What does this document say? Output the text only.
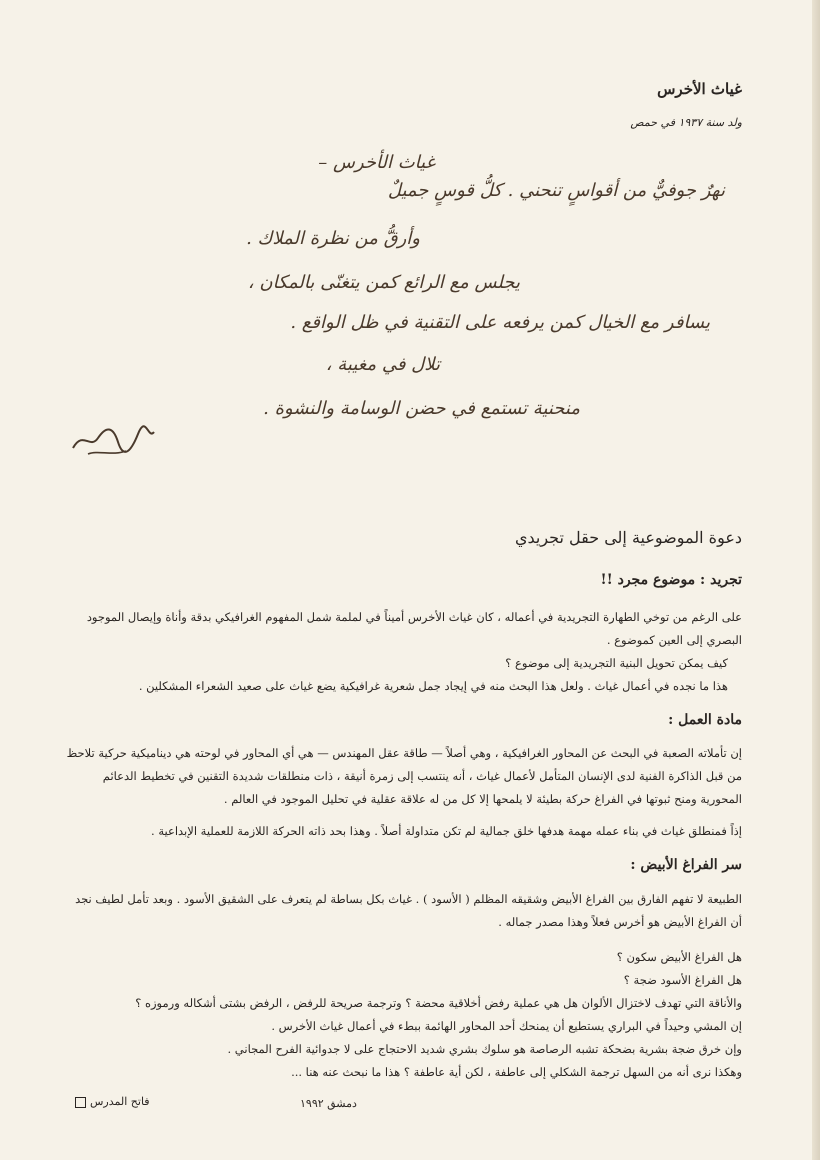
غياث الأخرس
ولد سنة ١٩٣٧ في حمص
غياث الأخرس –
نهرٌ جوفيٌّ من أقواسٍ تنحني . كلُّ قوسٍ جميلٌ
وأرقُّ من نظرة الملاك .
يجلس مع الرائع كمن يتغنّى بالمكان ،
يسافر مع الخيال كمن يرفعه على التقنية في ظل الواقع .
تلال في مغيبة ،
منحنية تستمع في حضن الوسامة والنشوة .
دعوة الموضوعية إلى حقل تجريدي
تجريد : موضوع مجرد !!
على الرغم من توخي الطهارة التجريدية في أعماله ، كان غياث الأخرس أميناً في لملمة شمل المفهوم الغرافيكي بدقة وأناة وإيصال الموجود البصري إلى العين كموضوع .
كيف يمكن تحويل البنية التجريدية إلى موضوع ؟
هذا ما نجده في أعمال غياث . ولعل هذا البحث منه في إيجاد جمل شعرية غرافيكية يضع غياث على صعيد الشعراء المشكلين .
مادة العمل :
إن تأملاته الصعبة في البحث عن المحاور الغرافيكية ، وهي أصلاً — طاقة عقل المهندس — هي أي المحاور في لوحته هي ديناميكية حركية تلاحظ من قبل الذاكرة الفنية لدى الإنسان المتأمل لأعمال غياث ، أنه ينتسب إلى زمرة أنيقة ، ذات منطلقات شديدة التقنين في تخطيط الدعائم المحورية ومنح ثبوتها في الفراغ حركة بطيئة لا يلمحها إلا كل من له علاقة عقلية في تحليل الموجود في العالم .
إذاً فمنطلق غياث في بناء عمله مهمة هدفها خلق جمالية لم تكن متداولة أصلاً . وهذا بحد ذاته الحركة اللازمة للعملية الإبداعية .
سر الفراغ الأبيض :
الطبيعة لا تفهم الفارق بين الفراغ الأبيض وشقيقه المظلم ( الأسود ) . غياث بكل بساطة لم يتعرف على الشقيق الأسود . وبعد تأمل لطيف نجد أن الفراغ الأبيض هو أخرس فعلاً وهذا مصدر جماله .
هل الفراغ الأبيض سكون ؟
هل الفراغ الأسود ضجة ؟
والأناقة التي تهدف لاختزال الألوان هل هي عملية رفض أخلاقية محضة ؟ وترجمة صريحة للرفض ، الرفض بشتى أشكاله ورموزه ؟
إن المشي وحيداً في البراري يستطيع أن يمنحك أحد المحاور الهائمة ببطء في أعمال غياث الأخرس .
وإن خرق ضجة بشرية بضحكة تشبه الرصاصة هو سلوك بشري شديد الاحتجاج على لا جدوائية الفرح المجاني .
وهكذا نرى أنه من السهل ترجمة الشكلي إلى عاطفة ، لكن أية عاطفة ؟ هذا ما نبحث عنه هنا ...
دمشق ١٩٩٢
فاتح المدرس
